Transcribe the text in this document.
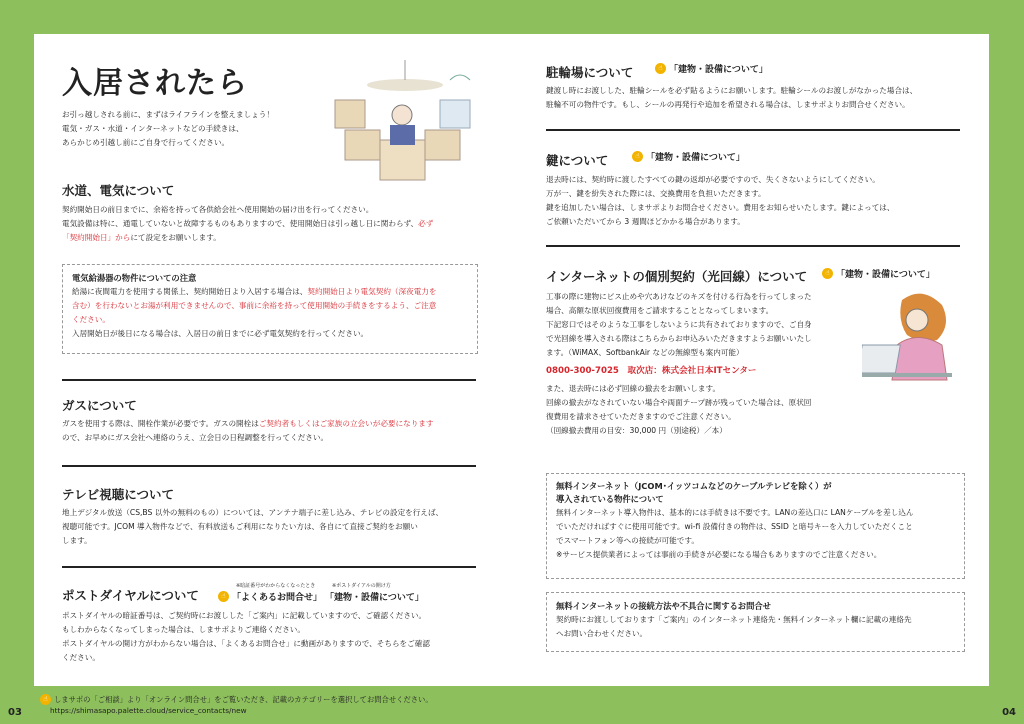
入居されたら

お引っ越しされる前に、まずはライフラインを整えましょう！

電気・ガス・水道・インターネットなどの手続きは、

あらかじめ引越し前にご自身で行ってください。

水道、電気について

契約開始日の前日までに、余裕を持って各供給会社へ使用開始の届け出を行ってください。

電気設備は特に、通電していないと故障するものもありますので、使用開始日は引っ越し日に関わらず、必ず

「契約開始日」からにて設定をお願いします。

電気給湯器の物件についての注意

給湯に夜間電力を使用する関係上、契約開始日より入居する場合は、契約開始日より電気契約（深夜電力を

含む）を行わないとお湯が利用できませんので、事前に余裕を持って使用開始の手続きをするよう、ご注意

ください。

入居開始日が後日になる場合は、入居日の前日までに必ず電気契約を行ってください。

ガスについて

ガスを使用する際は、開栓作業が必要です。ガスの開栓はご契約者もしくはご家族の立会いが必要になります

ので、お早めにガス会社へ連絡のうえ、立会日の日程調整を行ってください。

テレビ視聴について

地上デジタル放送（CS,BS 以外の無料のもの）については、アンテナ端子に差し込み、テレビの設定を行えば、

視聴可能です。JCOM 導入物件などで、有料放送もご利用になりたい方は、各自にて直接ご契約をお願い

します。

ポストダイヤルについて
※暗証番号がわからなくなったとき	※ポストダイアルの開け方
☝ 「よくあるお問合せ」 「建物・設備について」

ポストダイヤルの暗証番号は、ご契約時にお渡しした「ご案内」に記載していますので、ご確認ください。

もしわからなくなってしまった場合は、しまサポよりご連絡ください。

ポストダイヤルの開け方がわからない場合は、「よくあるお問合せ」に動画がありますので、そちらをご確認

ください。

駐輪場について	☝ 「建物・設備について」

鍵渡し時にお渡しした、駐輪シールを必ず貼るようにお願いします。駐輪シールのお渡しがなかった場合は、

駐輪不可の物件です。もし、シールの再発行や追加を希望される場合は、しまサポよりお問合せください。

鍵について	☝ 「建物・設備について」

退去時には、契約時に渡したすべての鍵の返却が必要ですので、失くさないようにしてください。

万が一、鍵を紛失された際には、交換費用を負担いただきます。

鍵を追加したい場合は、しまサポよりお問合せください。費用をお知らせいたします。鍵によっては、

ご依頼いただいてから 3 週間ほどかかる場合があります。

インターネットの個別契約（光回線）について	☝ 「建物・設備について」

工事の際に建物にビス止めや穴あけなどのキズを付ける行為を行ってしまった

場合、高額な原状回復費用をご請求することとなってしまいます。

下記窓口ではそのような工事をしないように共有されておりますので、ご自身

で光回線を導入される際はこちらからお申込みいただきますようお願いいたし

ます。（WiMAX、SoftbankAir などの無線型も案内可能）

0800-300-7025　取次店：株式会社日本ITセンター

また、退去時には必ず回線の撤去をお願いします。

回線の撤去がなされていない場合や両面テープ跡が残っていた場合は、原状回

復費用を請求させていただきますのでご注意ください。

（回線撤去費用の目安：30,000 円（別途税）／本）

無料インターネット（JCOM･イッツコムなどのケーブルテレビを除く）が

導入されている物件について

無料インターネット導入物件は、基本的には手続きは不要です。LANの差込口に LANケーブルを差し込ん

でいただければすぐに使用可能です。wi-fi 設備付きの物件は、SSID と暗号キーを入力していただくこと

でスマートフォン等への接続が可能です。

※サービス提供業者によっては事前の手続きが必要になる場合もありますのでご注意ください。

無料インターネットの接続方法や不具合に関するお問合せ

契約時にお渡ししております「ご案内」のインターネット連絡先・無料インターネット欄に記載の連絡先

へお問い合わせください。

☝ しまサポの「ご相談」より「オンライン問合せ」をご覧いただき、記載のカテゴリーを選択してお問合せください。
https://shimasapo.palette.cloud/service_contacts/new
03	04
